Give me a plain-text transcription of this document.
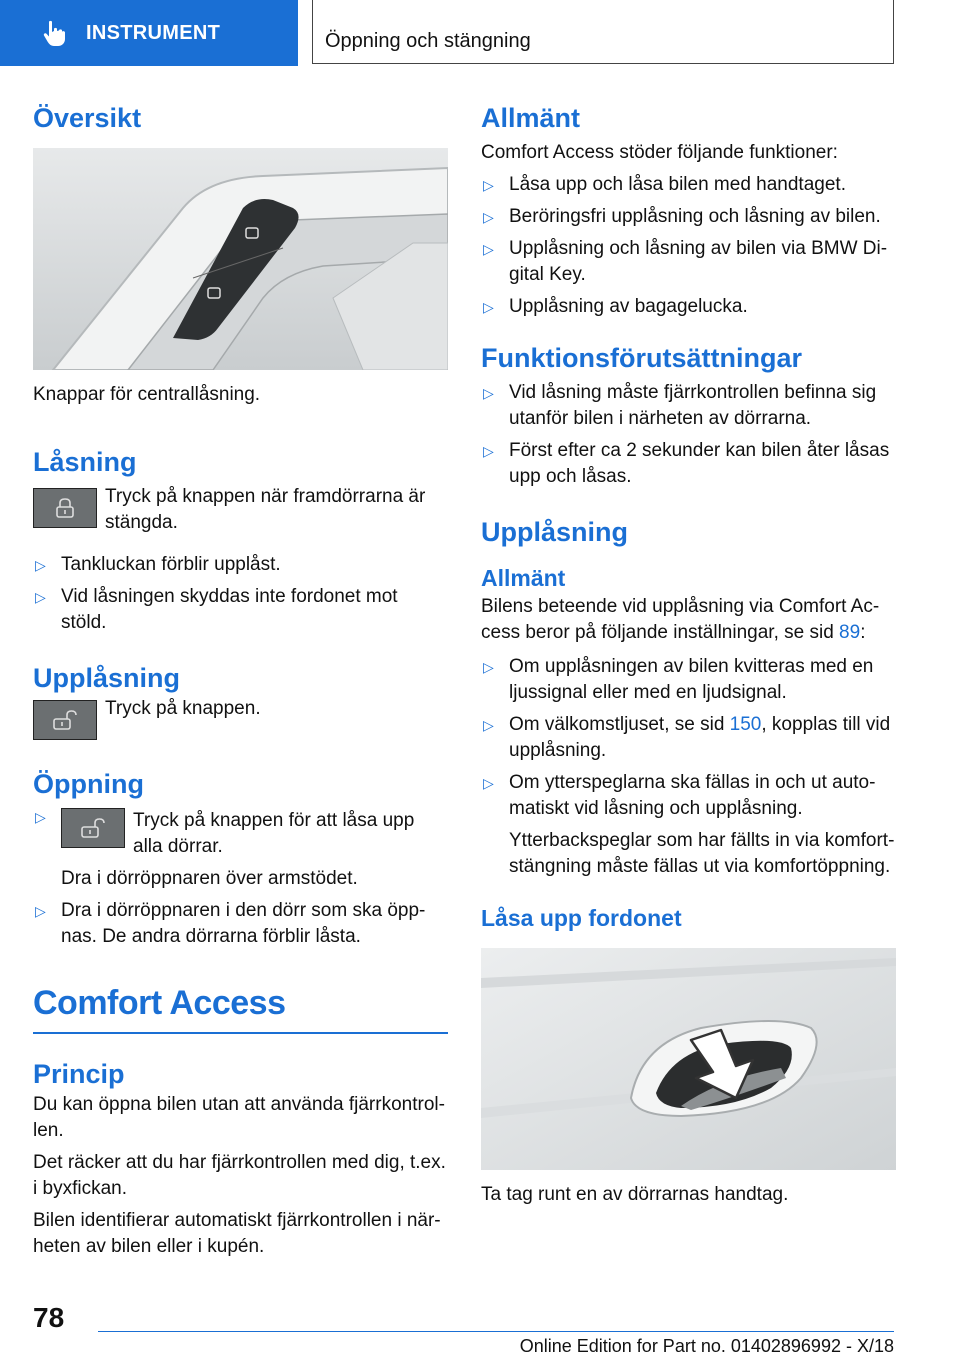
INSTRUMENT	Öppning och stängning
Översikt

Knappar för centrallåsning.

Låsning

Tryck på knappen när framdörrarna är stängda.

▷ Tankluckan förblir upplåst.
▷ Vid låsningen skyddas inte fordonet mot stöld.
Upplåsning

Tryck på knappen.

Öppning
▷	Tryck på knappen för att låsa upp alla dörrar.
Dra i dörröppnaren över armstödet.
▷ Dra i dörröppnaren i den dörr som ska öpp-nas. De andra dörrarna förblir låsta.
Comfort Access
Princip

Du kan öppna bilen utan att använda fjärrkontrol-len.

Det räcker att du har fjärrkontrollen med dig, t.ex. i byxfickan.

Bilen identifierar automatiskt fjärrkontrollen i när-heten av bilen eller i kupén.

Allmänt

Comfort Access stöder följande funktioner:

▷ Låsa upp och låsa bilen med handtaget.
▷ Beröringsfri upplåsning och låsning av bilen.
▷ Upplåsning och låsning av bilen via BMW Di-gital Key.
▷ Upplåsning av bagagelucka.
Funktionsförutsättningar
▷ Vid låsning måste fjärrkontrollen befinna sig utanför bilen i närheten av dörrarna.
▷ Först efter ca 2 sekunder kan bilen åter låsas upp och låsas.
Upplåsning
Allmänt

Bilens beteende vid upplåsning via Comfort Ac-cess beror på följande inställningar, se sid 89:

▷ Om upplåsningen av bilen kvitteras med en ljussignal eller med en ljudsignal.
▷ Om välkomstljuset, se sid 150, kopplas till vid upplåsning.
▷ Om ytterspeglarna ska fällas in och ut auto-matiskt vid låsning och upplåsning.
Ytterbackspeglar som har fällts in via komfort-stängning måste fällas ut via komfortöppning.
Låsa upp fordonet

Ta tag runt en av dörrarnas handtag.

78
Online Edition for Part no. 01402896992 - X/18
